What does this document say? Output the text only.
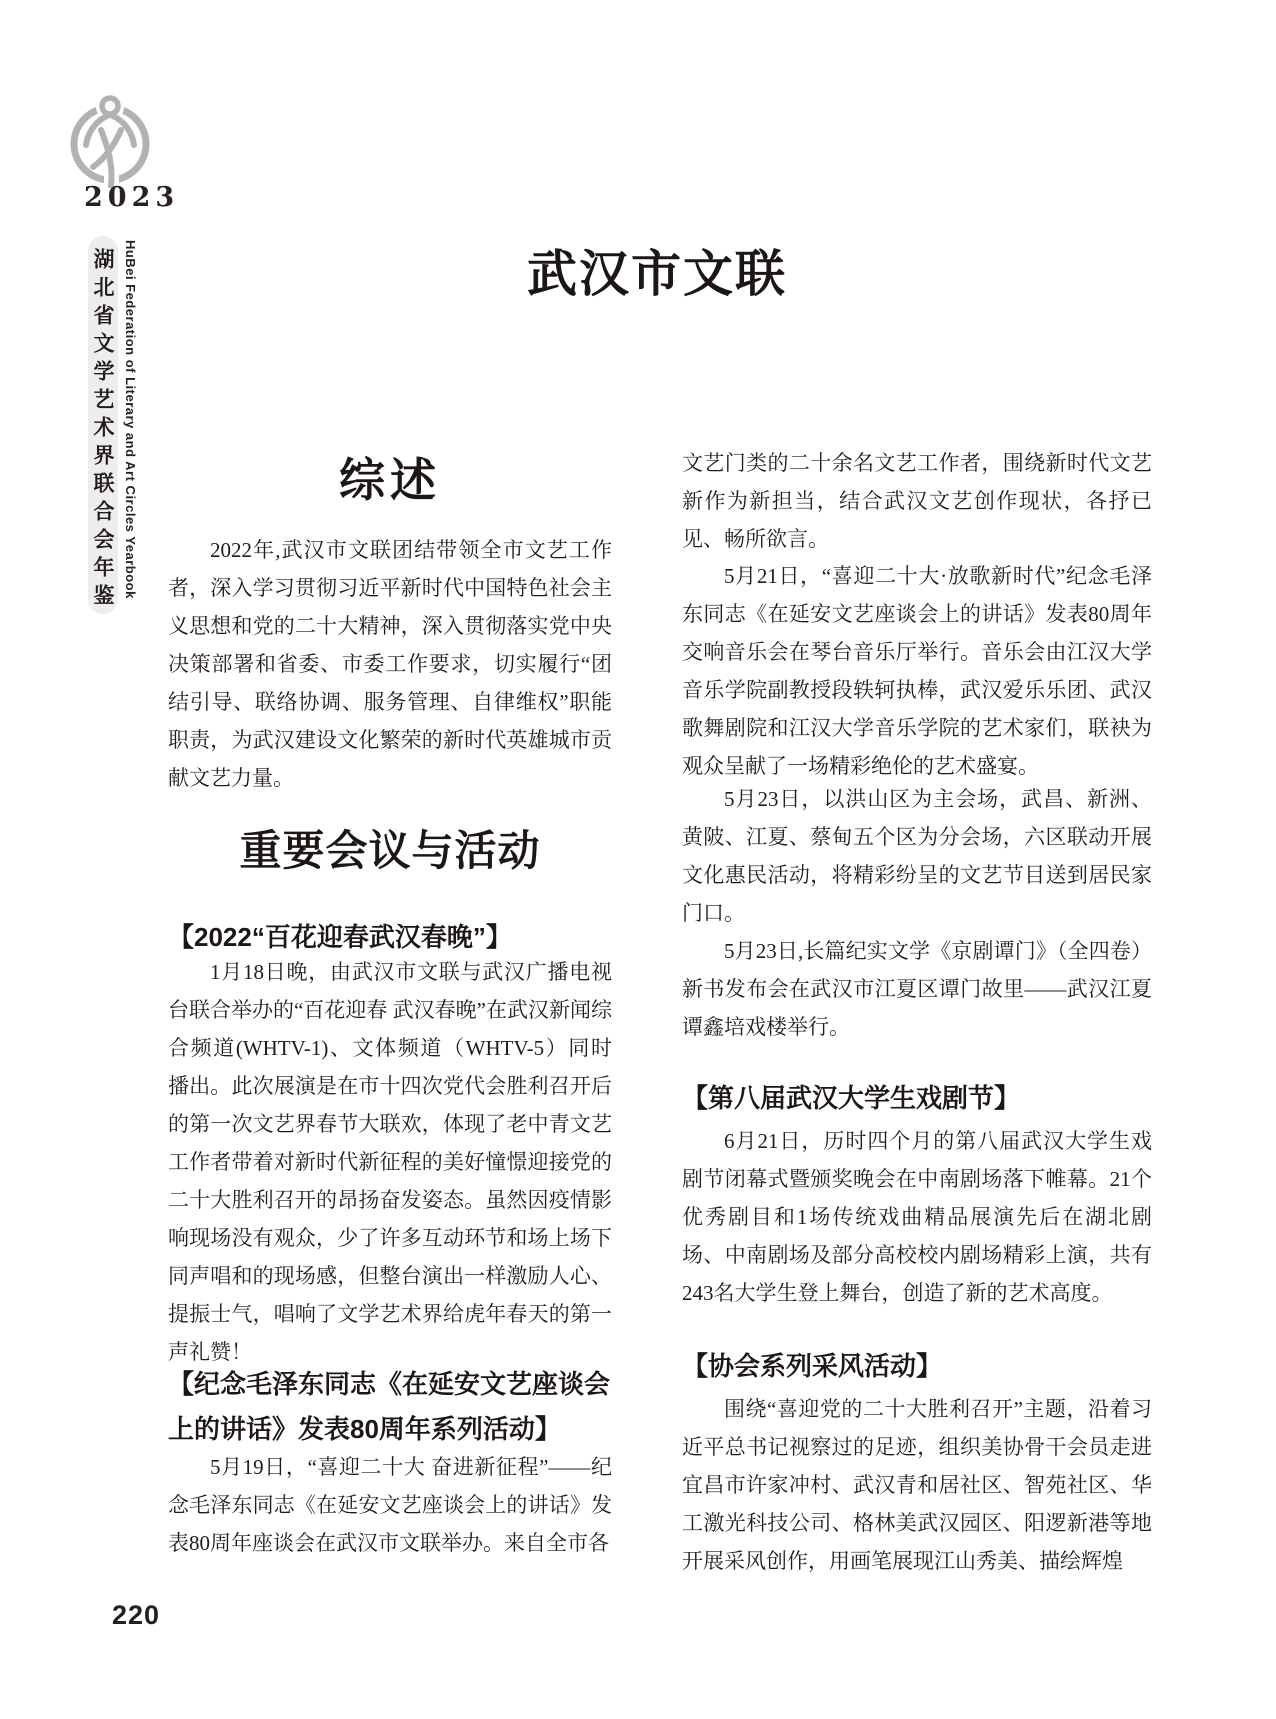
2023
湖北省文学艺术界联合会年鉴 HuBei Federation of Literary and Art Circles Yearbook	武汉市文联
综述
2022年,武汉市文联团结带领全市文艺工作者，深入学习贯彻习近平新时代中国特色社会主义思想和党的二十大精神，深入贯彻落实党中央决策部署和省委、市委工作要求，切实履行“团结引导、联络协调、服务管理、自律维权”职能职责，为武汉建设文化繁荣的新时代英雄城市贡献文艺力量。
重要会议与活动
【2022“百花迎春武汉春晚”】
1月18日晚，由武汉市文联与武汉广播电视台联合举办的“百花迎春 武汉春晚”在武汉新闻综合频道(WHTV-1)、文体频道（WHTV-5）同时播出。此次展演是在市十四次党代会胜利召开后的第一次文艺界春节大联欢，体现了老中青文艺工作者带着对新时代新征程的美好憧憬迎接党的二十大胜利召开的昂扬奋发姿态。虽然因疫情影响现场没有观众，少了许多互动环节和场上场下同声唱和的现场感，但整台演出一样激励人心、提振士气，唱响了文学艺术界给虎年春天的第一声礼赞！
【纪念毛泽东同志《在延安文艺座谈会上的讲话》发表80周年系列活动】
5月19日，“喜迎二十大 奋进新征程”——纪念毛泽东同志《在延安文艺座谈会上的讲话》发表80周年座谈会在武汉市文联举办。来自全市各
文艺门类的二十余名文艺工作者，围绕新时代文艺新作为新担当，结合武汉文艺创作现状，各抒已见、畅所欲言。
5月21日，“喜迎二十大·放歌新时代”纪念毛泽东同志《在延安文艺座谈会上的讲话》发表80周年交响音乐会在琴台音乐厅举行。音乐会由江汉大学音乐学院副教授段轶轲执棒，武汉爱乐乐团、武汉歌舞剧院和江汉大学音乐学院的艺术家们，联袂为观众呈献了一场精彩绝伦的艺术盛宴。
5月23日，以洪山区为主会场，武昌、新洲、黄陂、江夏、蔡甸五个区为分会场，六区联动开展文化惠民活动，将精彩纷呈的文艺节目送到居民家门口。
5月23日,长篇纪实文学《京剧谭门》（全四卷）新书发布会在武汉市江夏区谭门故里——武汉江夏谭鑫培戏楼举行。
【第八届武汉大学生戏剧节】
6月21日，历时四个月的第八届武汉大学生戏剧节闭幕式暨颁奖晚会在中南剧场落下帷幕。21个优秀剧目和1场传统戏曲精品展演先后在湖北剧场、中南剧场及部分高校校内剧场精彩上演，共有243名大学生登上舞台，创造了新的艺术高度。
【协会系列采风活动】
围绕“喜迎党的二十大胜利召开”主题，沿着习近平总书记视察过的足迹，组织美协骨干会员走进宜昌市许家冲村、武汉青和居社区、智苑社区、华工激光科技公司、格林美武汉园区、阳逻新港等地开展采风创作，用画笔展现江山秀美、描绘辉煌
220
